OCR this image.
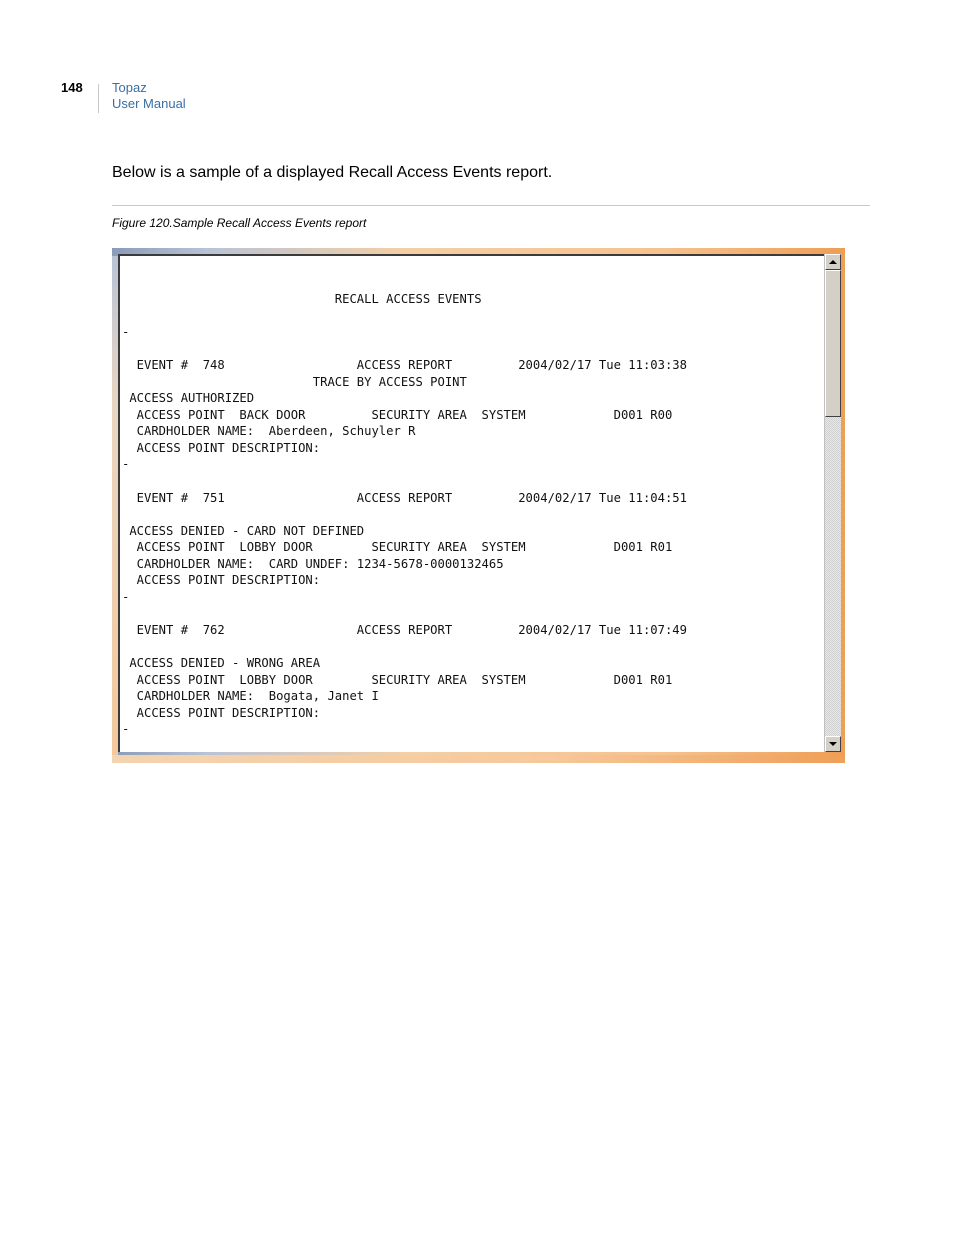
148 Topaz
User Manual
Below is a sample of a displayed Recall Access Events report.
Figure 120.Sample Recall Access Events report
RECALL ACCESS EVENTS

-

EVENT #  748                  ACCESS REPORT         2004/02/17 Tue 11:03:38
TRACE BY ACCESS POINT
ACCESS AUTHORIZED
ACCESS POINT  BACK DOOR         SECURITY AREA  SYSTEM            D001 R00
CARDHOLDER NAME:  Aberdeen, Schuyler R
ACCESS POINT DESCRIPTION:
-

EVENT #  751                  ACCESS REPORT         2004/02/17 Tue 11:04:51

ACCESS DENIED - CARD NOT DEFINED
ACCESS POINT  LOBBY DOOR        SECURITY AREA  SYSTEM            D001 R01
CARDHOLDER NAME:  CARD UNDEF: 1234-5678-0000132465
ACCESS POINT DESCRIPTION:
-

EVENT #  762                  ACCESS REPORT         2004/02/17 Tue 11:07:49

ACCESS DENIED - WRONG AREA
ACCESS POINT  LOBBY DOOR        SECURITY AREA  SYSTEM            D001 R01
CARDHOLDER NAME:  Bogata, Janet I
ACCESS POINT DESCRIPTION:
-
